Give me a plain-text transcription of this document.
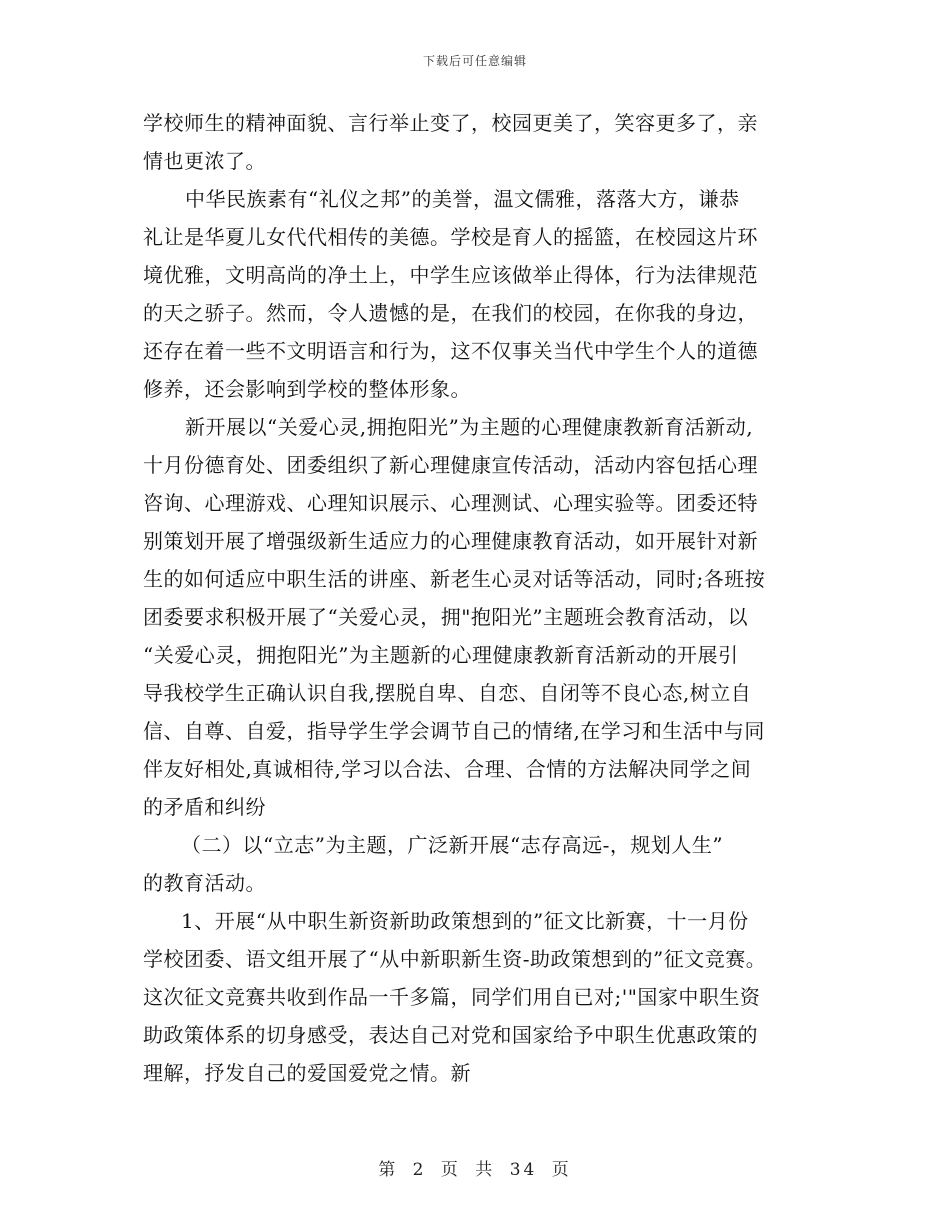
下载后可任意编辑
学校师生的精神面貌、言行举止变了，校园更美了，笑容更多了，亲
情也更浓了。
中华民族素有“礼仪之邦”的美誉，温文儒雅，落落大方，谦恭
礼让是华夏儿女代代相传的美德。学校是育人的摇篮，在校园这片环
境优雅，文明高尚的净土上，中学生应该做举止得体，行为法律规范
的天之骄子。然而，令人遗憾的是，在我们的校园，在你我的身边，
还存在着一些不文明语言和行为，这不仅事关当代中学生个人的道德
修养，还会影响到学校的整体形象。
新开展以“关爱心灵,拥抱阳光”为主题的心理健康教新育活新动,
十月份德育处、团委组织了新心理健康宣传活动，活动内容包括心理
咨询、心理游戏、心理知识展示、心理测试、心理实验等。团委还特
别策划开展了增强级新生适应力的心理健康教育活动，如开展针对新
生的如何适应中职生活的讲座、新老生心灵对话等活动，同时;各班按
团委要求积极开展了“关爱心灵，拥"抱阳光”主题班会教育活动，以
“关爱心灵，拥抱阳光”为主题新的心理健康教新育活新动的开展引
导我校学生正确认识自我,摆脱自卑、自恋、自闭等不良心态,树立自
信、自尊、自爱，指导学生学会调节自己的情绪,在学习和生活中与同
伴友好相处,真诚相待,学习以合法、合理、合情的方法解决同学之间
的矛盾和纠纷
（二）以“立志”为主题，广泛新开展“志存高远-，规划人生”
的教育活动。
1、开展“从中职生新资新助政策想到的”征文比新赛，十一月份
学校团委、语文组开展了“从中新职新生资-助政策想到的”征文竞赛。
这次征文竞赛共收到作品一千多篇，同学们用自已对;'"国家中职生资
助政策体系的切身感受，表达自己对党和国家给予中职生优惠政策的
理解，抒发自己的爱国爱党之情。新
第 2 页 共 34 页
